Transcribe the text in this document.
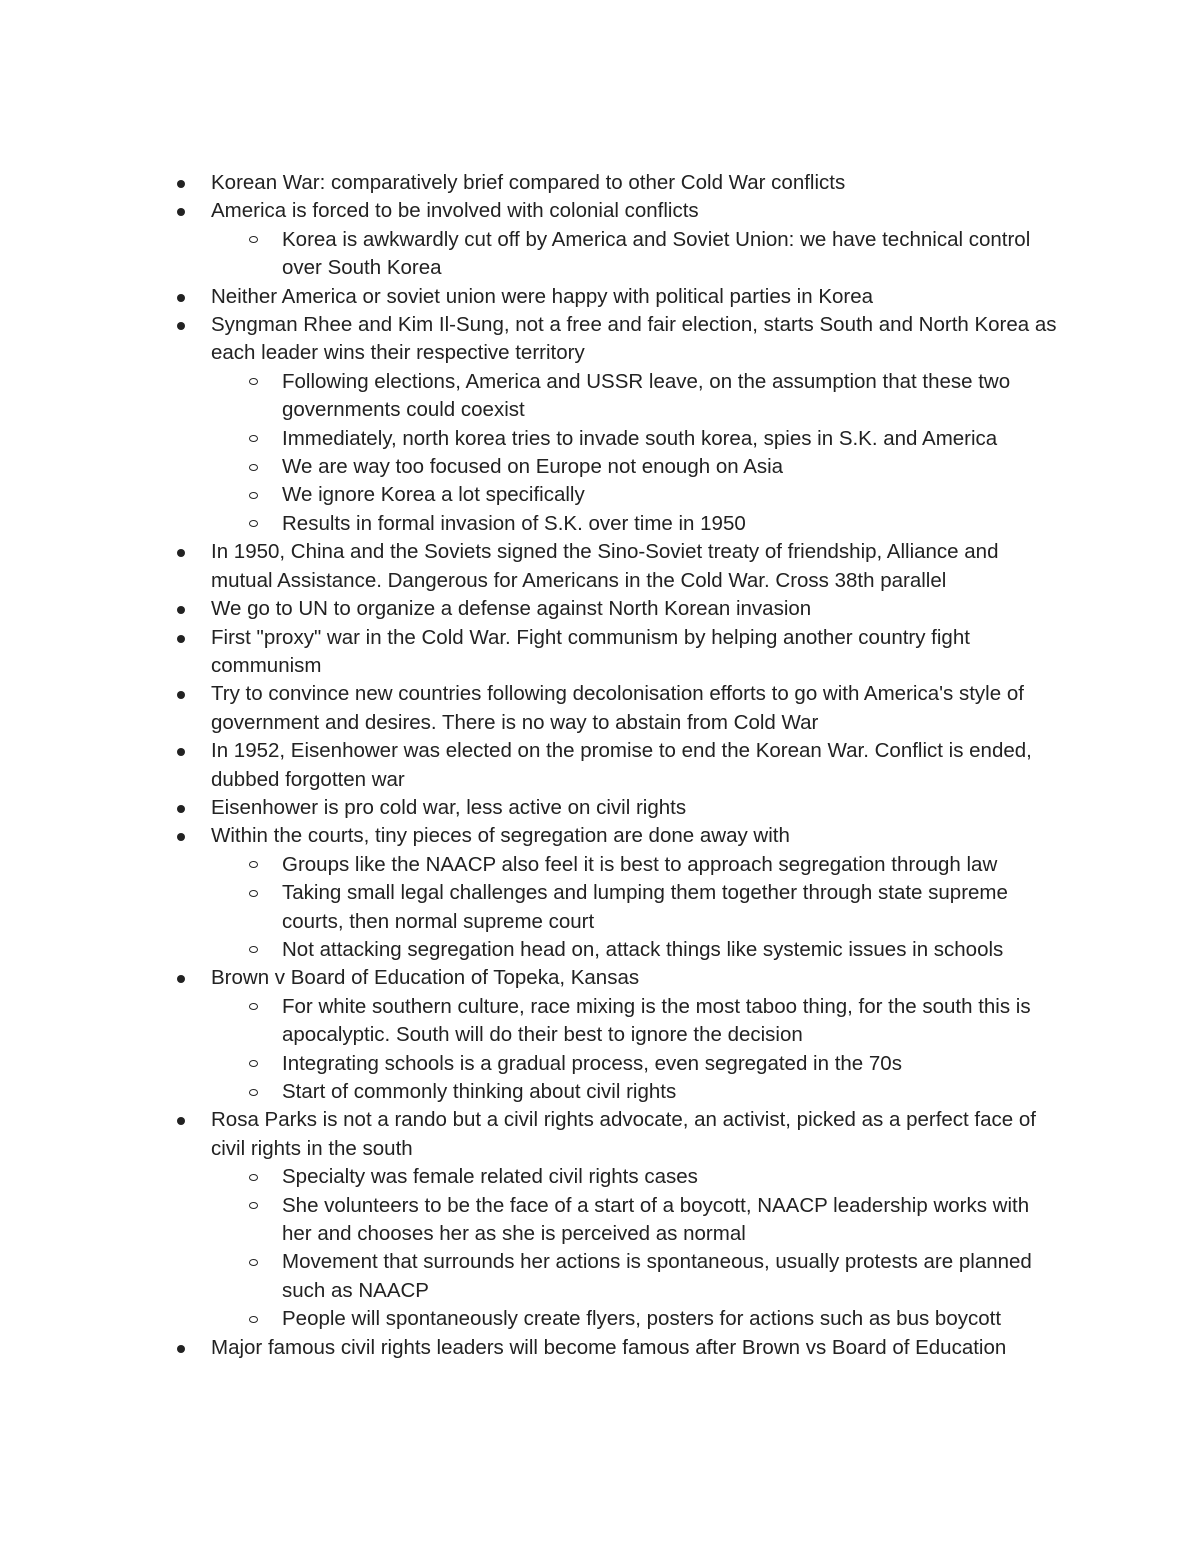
Korean War: comparatively brief compared to other Cold War conflicts
America is forced to be involved with colonial conflicts
Korea is awkwardly cut off by America and Soviet Union: we have technical control over South Korea
Neither America or soviet union were happy with political parties in Korea
Syngman Rhee and Kim Il-Sung, not a free and fair election, starts South and North Korea as each leader wins their respective territory
Following elections, America and USSR leave, on the assumption that these two governments could coexist
Immediately, north korea tries to invade south korea, spies in S.K. and America
We are way too focused on Europe not enough on Asia
We ignore Korea a lot specifically
Results in formal invasion of S.K. over time in 1950
In 1950, China and the Soviets signed the Sino-Soviet treaty of friendship, Alliance and mutual Assistance. Dangerous for Americans in the Cold War. Cross 38th parallel
We go to UN to organize a defense against North Korean invasion
First "proxy" war in the Cold War. Fight communism by helping another country fight communism
Try to convince new countries following decolonisation efforts to go with America's style of government and desires. There is no way to abstain from Cold War
In 1952, Eisenhower was elected on the promise to end the Korean War. Conflict is ended, dubbed forgotten war
Eisenhower is pro cold war, less active on civil rights
Within the courts, tiny pieces of segregation are done away with
Groups like the NAACP also feel it is best to approach segregation through law
Taking small legal challenges and lumping them together through state supreme courts, then normal supreme court
Not attacking segregation head on, attack things like systemic issues in schools
Brown v Board of Education of Topeka, Kansas
For white southern culture, race mixing is the most taboo thing, for the south this is apocalyptic. South will do their best to ignore the decision
Integrating schools is a gradual process, even segregated in the 70s
Start of commonly thinking about civil rights
Rosa Parks is not a rando but a civil rights advocate, an activist, picked as a perfect face of civil rights in the south
Specialty was female related civil rights cases
She volunteers to be the face of a start of a boycott, NAACP leadership works with her and chooses her as she is perceived as normal
Movement that surrounds her actions is spontaneous, usually protests are planned such as NAACP
People will spontaneously create flyers, posters for actions such as bus boycott
Major famous civil rights leaders will become famous after Brown vs Board of Education
